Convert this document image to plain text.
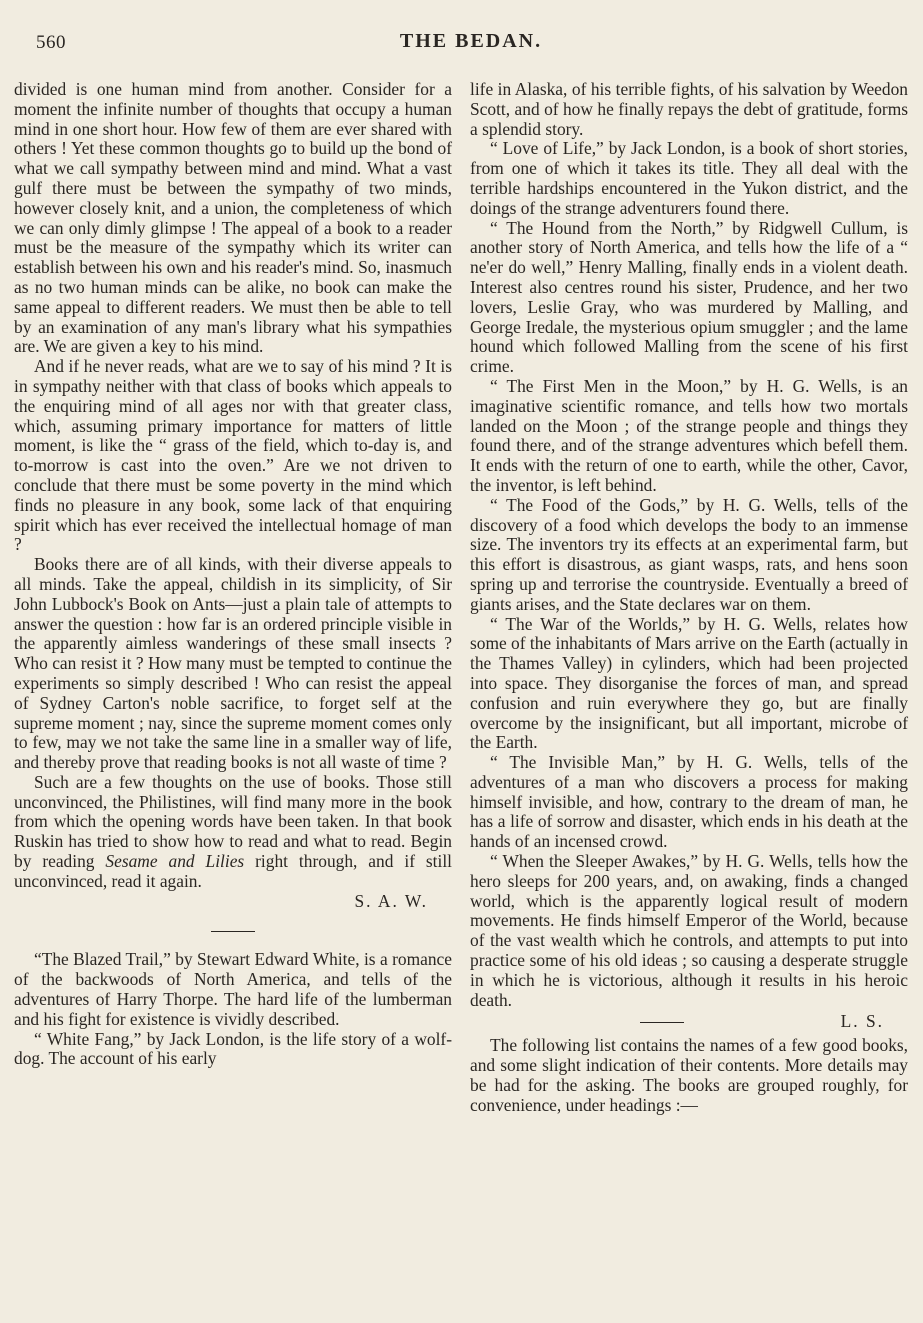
560	THE BEDAN.

divided is one human mind from another. Consider for a moment the infinite number of thoughts that occupy a human mind in one short hour. How few of them are ever shared with others ! Yet these common thoughts go to build up the bond of what we call sympathy between mind and mind. What a vast gulf there must be between the sympathy of two minds, however closely knit, and a union, the completeness of which we can only dimly glimpse ! The appeal of a book to a reader must be the measure of the sympathy which its writer can establish between his own and his reader's mind. So, inasmuch as no two human minds can be alike, no book can make the same appeal to different readers. We must then be able to tell by an examination of any man's library what his sympathies are. We are given a key to his mind.

And if he never reads, what are we to say of his mind ? It is in sympathy neither with that class of books which appeals to the enquiring mind of all ages nor with that greater class, which, assuming primary importance for matters of little moment, is like the “ grass of the field, which to-day is, and to-morrow is cast into the oven.” Are we not driven to conclude that there must be some poverty in the mind which finds no pleasure in any book, some lack of that enquiring spirit which has ever received the intellectual homage of man ?

Books there are of all kinds, with their diverse appeals to all minds. Take the appeal, childish in its simplicity, of Sir John Lubbock's Book on Ants—just a plain tale of attempts to answer the question : how far is an ordered principle visible in the apparently aimless wanderings of these small insects ? Who can resist it ? How many must be tempted to continue the experiments so simply described ! Who can resist the appeal of Sydney Carton's noble sacrifice, to forget self at the supreme moment ; nay, since the supreme moment comes only to few, may we not take the same line in a smaller way of life, and thereby prove that reading books is not all waste of time ?

Such are a few thoughts on the use of books. Those still unconvinced, the Philistines, will find many more in the book from which the opening words have been taken. In that book Ruskin has tried to show how to read and what to read. Begin by reading Sesame and Lilies right through, and if still unconvinced, read it again.

S. A. W.

“The Blazed Trail,” by Stewart Edward White, is a romance of the backwoods of North America, and tells of the adventures of Harry Thorpe. The hard life of the lumberman and his fight for existence is vividly described.

“ White Fang,” by Jack London, is the life story of a wolf-dog. The account of his early

life in Alaska, of his terrible fights, of his salvation by Weedon Scott, and of how he finally repays the debt of gratitude, forms a splendid story.

“ Love of Life,” by Jack London, is a book of short stories, from one of which it takes its title. They all deal with the terrible hardships encountered in the Yukon district, and the doings of the strange adventurers found there.

“ The Hound from the North,” by Ridgwell Cullum, is another story of North America, and tells how the life of a “ ne'er do well,” Henry Malling, finally ends in a violent death. Interest also centres round his sister, Prudence, and her two lovers, Leslie Gray, who was murdered by Malling, and George Iredale, the mysterious opium smuggler ; and the lame hound which followed Malling from the scene of his first crime.

“ The First Men in the Moon,” by H. G. Wells, is an imaginative scientific romance, and tells how two mortals landed on the Moon ; of the strange people and things they found there, and of the strange adventures which befell them. It ends with the return of one to earth, while the other, Cavor, the inventor, is left behind.

“ The Food of the Gods,” by H. G. Wells, tells of the discovery of a food which develops the body to an immense size. The inventors try its effects at an experimental farm, but this effort is disastrous, as giant wasps, rats, and hens soon spring up and terrorise the countryside. Eventually a breed of giants arises, and the State declares war on them.

“ The War of the Worlds,” by H. G. Wells, relates how some of the inhabitants of Mars arrive on the Earth (actually in the Thames Valley) in cylinders, which had been projected into space. They disorganise the forces of man, and spread confusion and ruin everywhere they go, but are finally overcome by the insignificant, but all important, microbe of the Earth.

“ The Invisible Man,” by H. G. Wells, tells of the adventures of a man who discovers a process for making himself invisible, and how, contrary to the dream of man, he has a life of sorrow and disaster, which ends in his death at the hands of an incensed crowd.

“ When the Sleeper Awakes,” by H. G. Wells, tells how the hero sleeps for 200 years, and, on awaking, finds a changed world, which is the apparently logical result of modern movements. He finds himself Emperor of the World, because of the vast wealth which he controls, and attempts to put into practice some of his old ideas ; so causing a desperate struggle in which he is victorious, although it results in his heroic death.

L. S.

The following list contains the names of a few good books, and some slight indication of their contents. More details may be had for the asking. The books are grouped roughly, for convenience, under headings :—
